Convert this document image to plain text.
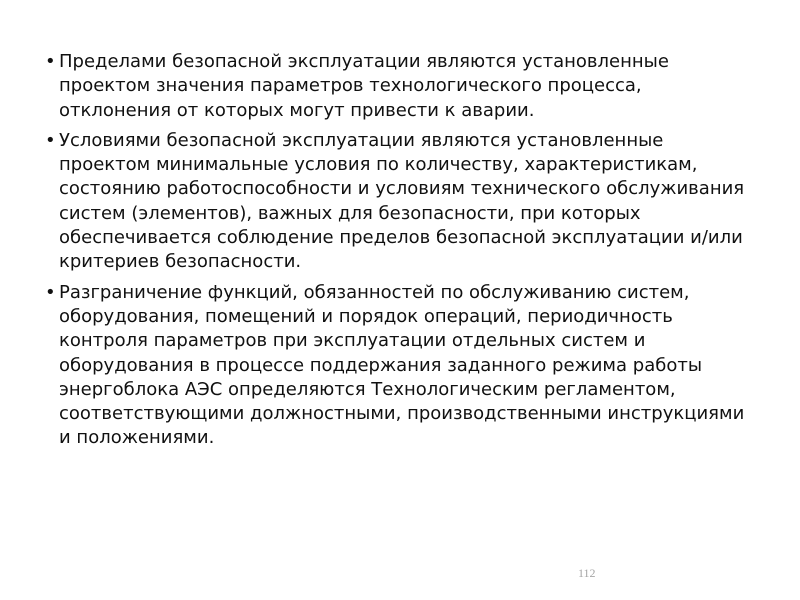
• Пределами безопасной эксплуатации являются установленные проектом значения параметров технологического процесса, отклонения от которых могут привести к аварии.
• Условиями безопасной эксплуатации являются установленные проектом минимальные условия по количеству, характеристикам, состоянию работоспособности и условиям технического обслуживания систем (элементов), важных для безопасности, при которых обеспечивается соблюдение пределов безопасной эксплуатации и/или критериев безопасности.
• Разграничение функций, обязанностей по обслуживанию систем, оборудования, помещений и порядок операций, периодичность контроля параметров при эксплуатации отдельных систем и оборудования в процессе поддержания заданного режима работы энергоблока АЭС определяются Технологическим регламентом, соответствующими должностными, производственными инструкциями и положениями.
112
